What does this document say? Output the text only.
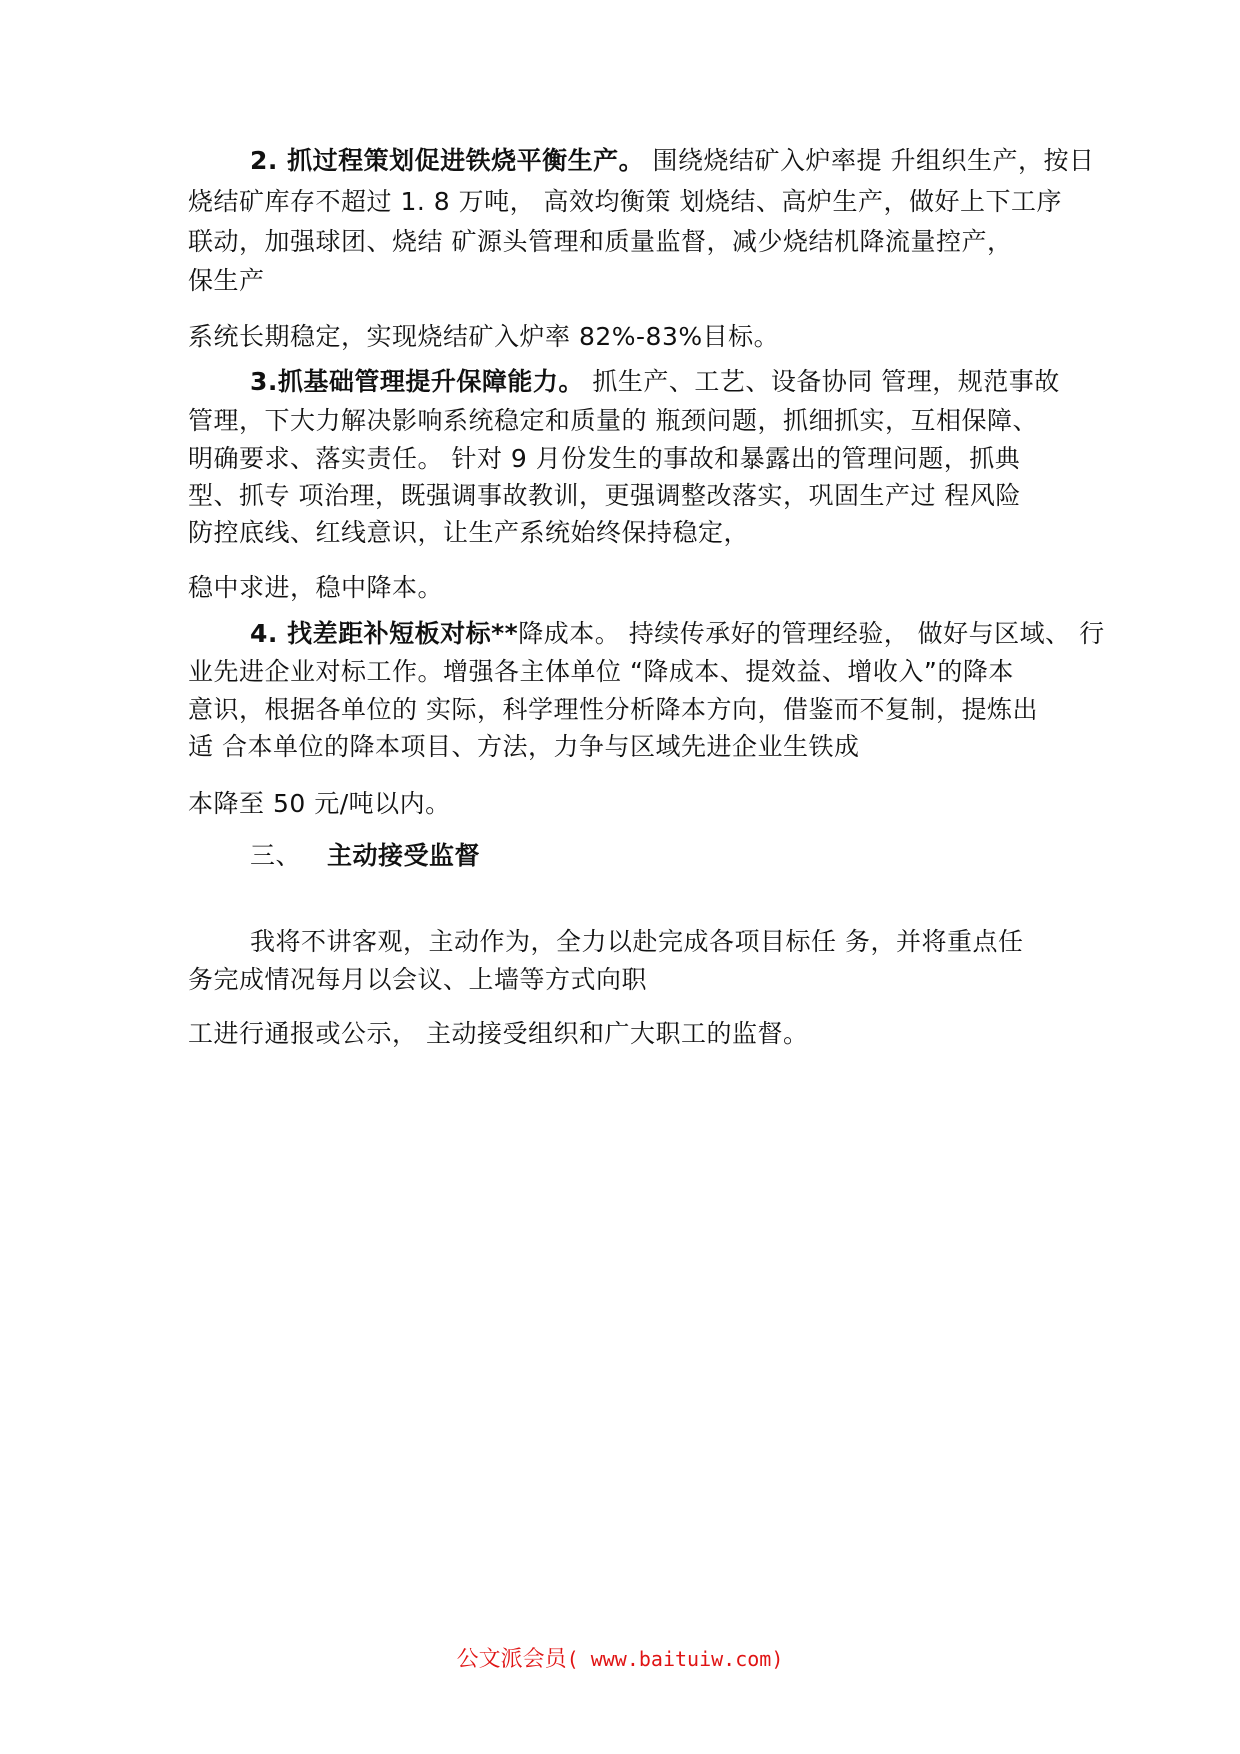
2. 抓过程策划促进铁烧平衡生产。 围绕烧结矿入炉率提 升组织生产，按日
烧结矿库存不超过 1. 8 万吨， 高效均衡策 划烧结、高炉生产，做好上下工序
联动，加强球团、烧结 矿源头管理和质量监督，减少烧结机降流量控产，
保生产
系统长期稳定，实现烧结矿入炉率 82%-83%目标。
3.抓基础管理提升保障能力。 抓生产、工艺、设备协同 管理，规范事故
管理，下大力解决影响系统稳定和质量的 瓶颈问题，抓细抓实，互相保障、
明确要求、落实责任。 针对 9 月份发生的事故和暴露出的管理问题，抓典
型、抓专 项治理，既强调事故教训，更强调整改落实，巩固生产过 程风险
防控底线、红线意识，让生产系统始终保持稳定，
稳中求进，稳中降本。
4. 找差距补短板对标**降成本。 持续传承好的管理经验， 做好与区域、 行
业先进企业对标工作。增强各主体单位 “降成本、提效益、增收入”的降本
意识，根据各单位的 实际，科学理性分析降本方向，借鉴而不复制，提炼出
适 合本单位的降本项目、方法，力争与区域先进企业生铁成
本降至 50 元/吨以内。
三、 主动接受监督
我将不讲客观，主动作为，全力以赴完成各项目标任 务，并将重点任
务完成情况每月以会议、上墙等方式向职
工进行通报或公示， 主动接受组织和广大职工的监督。
公文派会员( www.baituiw.com)
